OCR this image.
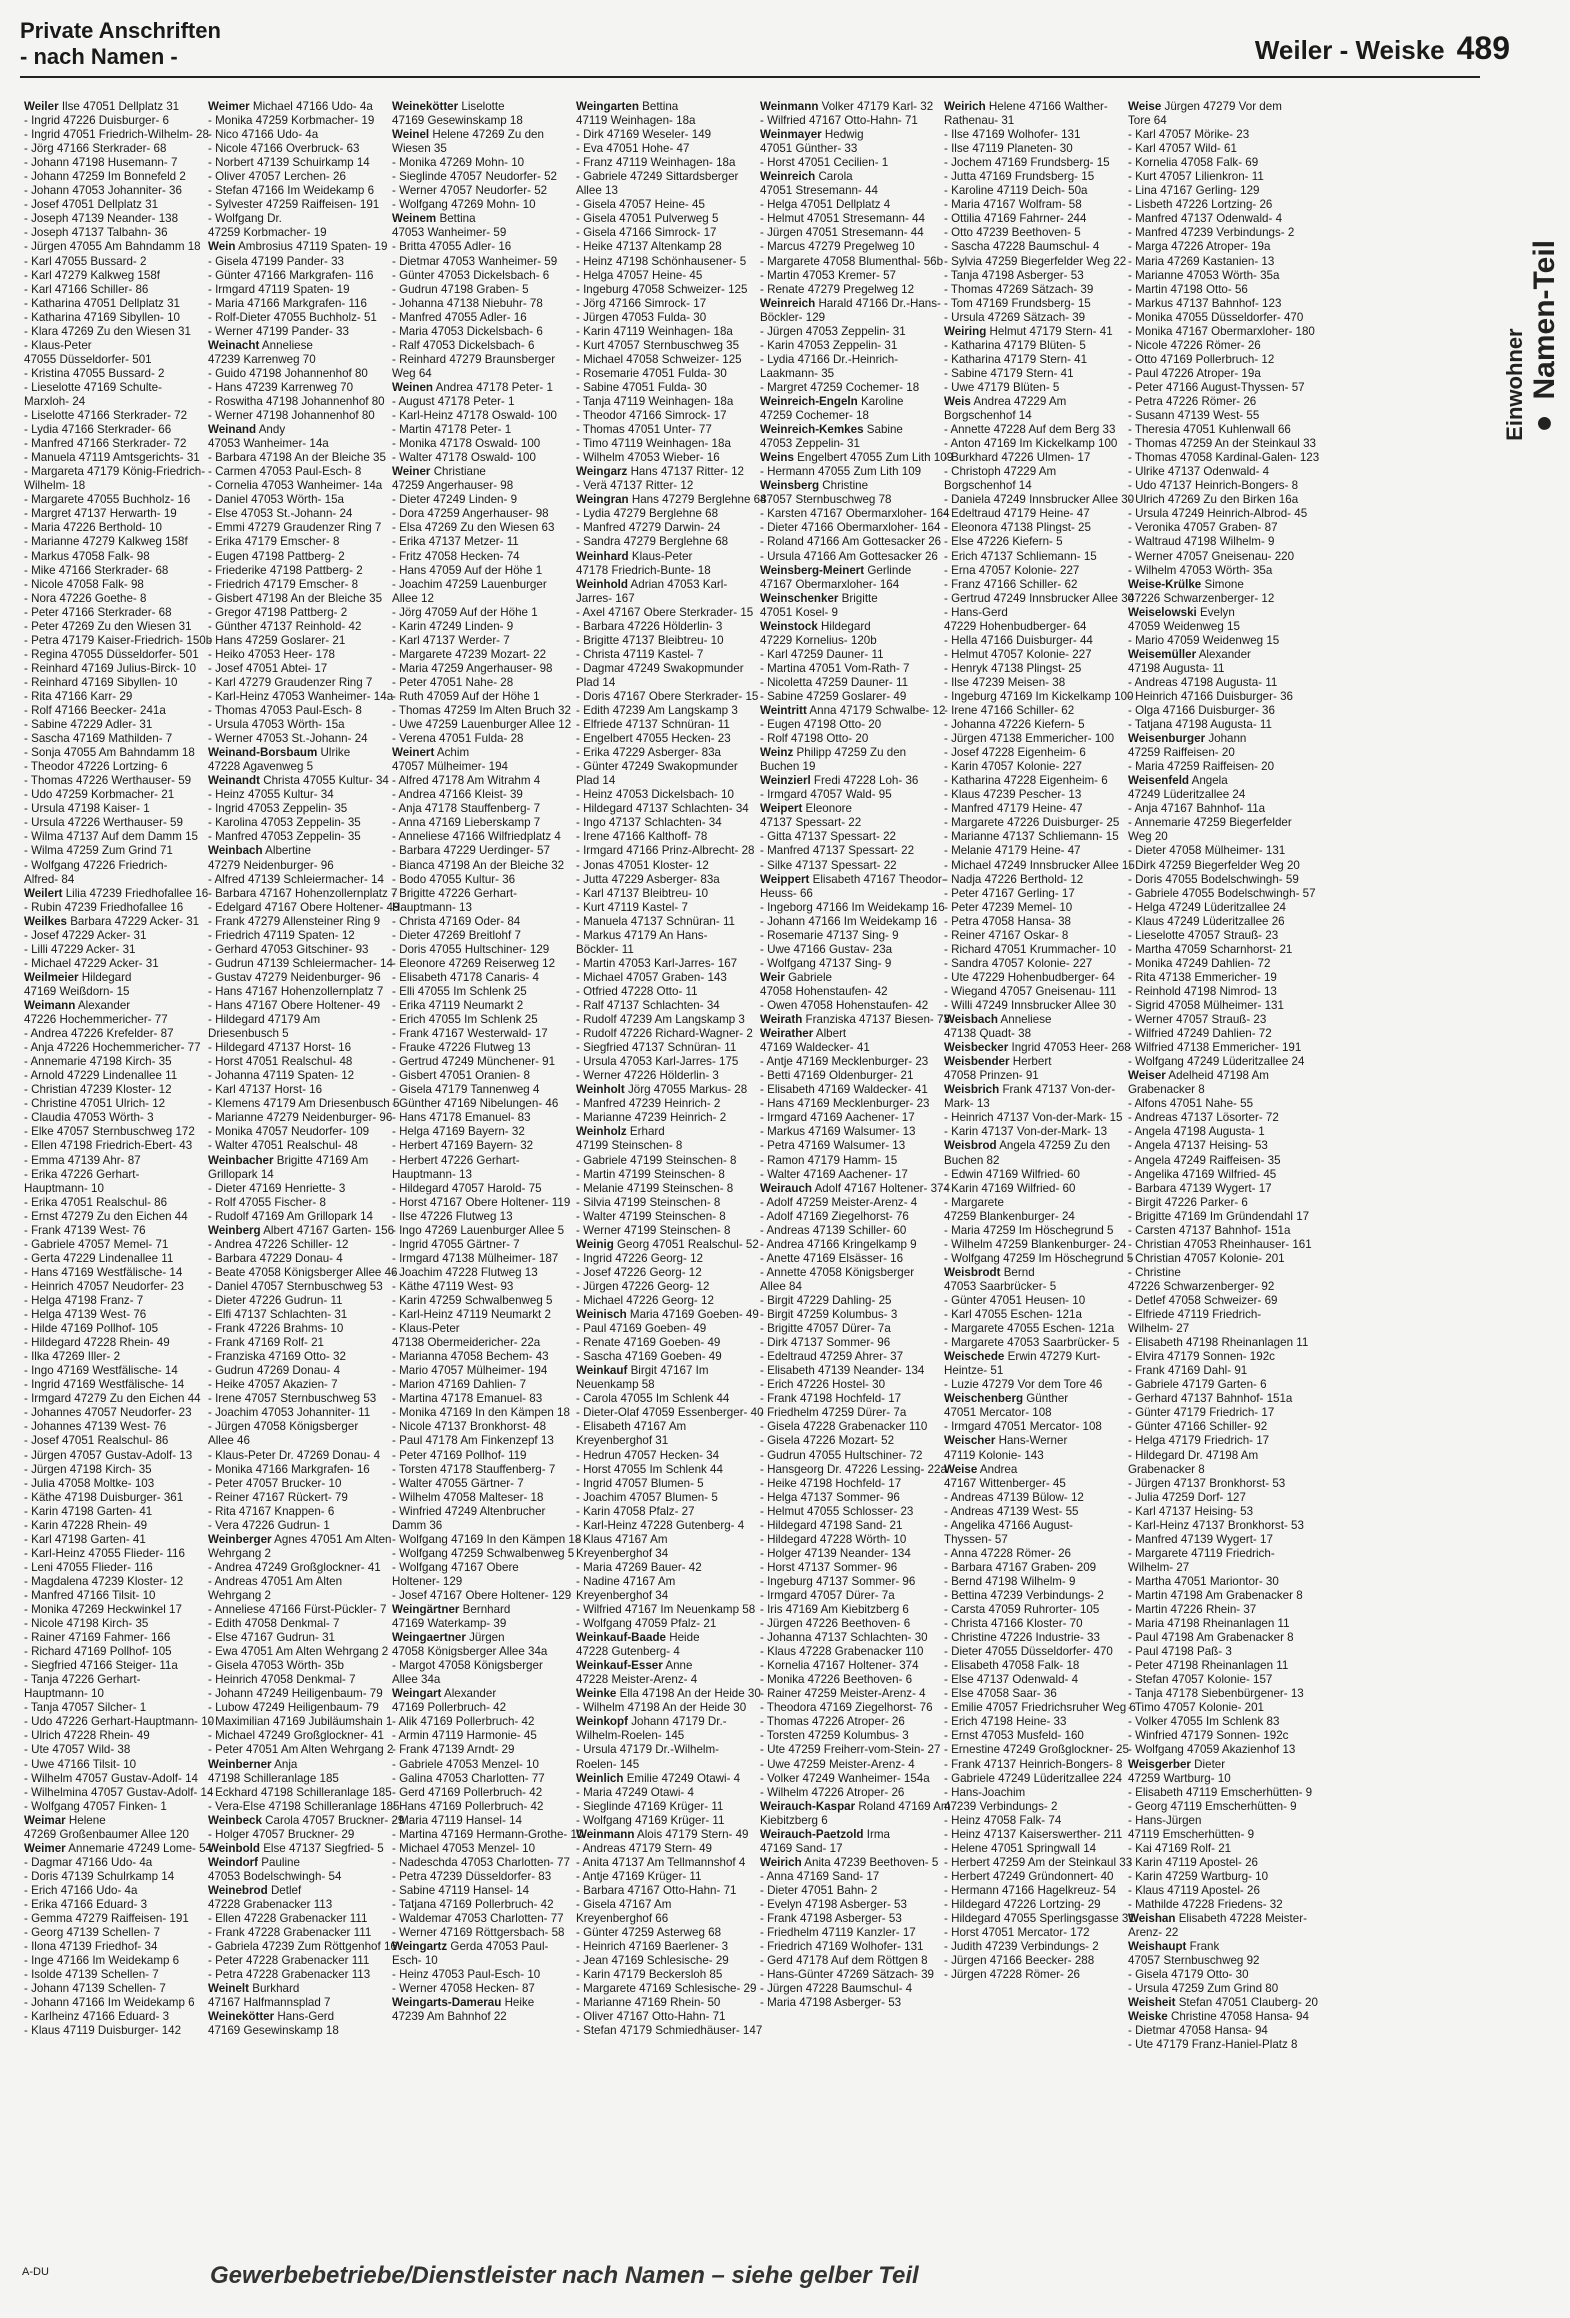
Private Anschriften
- nach Namen -	Weiler - Weiske 489
Einwohner ● Namen-Teil
Weiler Ilse 47051 Dellplatz 31
- Ingrid 47226 Duisburger- 6
- Ingrid 47051 Friedrich-Wilhelm- 28
- Jörg 47166 Sterkrader- 68
- Johann 47198 Husemann- 7
- Johann 47259 Im Bonnefeld 2
- Johann 47053 Johanniter- 36
- Josef 47051 Dellplatz 31
- Joseph 47139 Neander- 138
- Joseph 47137 Talbahn- 36
- Jürgen 47055 Am Bahndamm 18
- Karl 47055 Bussard- 2
- Karl 47279 Kalkweg 158f
- Karl 47166 Schiller- 86
- Katharina 47051 Dellplatz 31
- Katharina 47169 Sibyllen- 10
- Klara 47269 Zu den Wiesen 31
- Klaus-Peter
47055 Düsseldorfer- 501
- Kristina 47055 Bussard- 2
- Lieselotte 47169 Schulte-
Marxloh- 24
- Liselotte 47166 Sterkrader- 72
- Lydia 47166 Sterkrader- 66
- Manfred 47166 Sterkrader- 72
- Manuela 47119 Amtsgerichts- 31
- Margareta 47179 König-Friedrich-
Wilhelm- 18
- Margarete 47055 Buchholz- 16
- Margret 47137 Herwarth- 19
- Maria 47226 Berthold- 10
- Marianne 47279 Kalkweg 158f
- Markus 47058 Falk- 98
- Mike 47166 Sterkrader- 68
- Nicole 47058 Falk- 98
- Nora 47226 Goethe- 8
- Peter 47166 Sterkrader- 68
- Peter 47269 Zu den Wiesen 31
- Petra 47179 Kaiser-Friedrich- 150b
- Regina 47055 Düsseldorfer- 501
- Reinhard 47169 Julius-Birck- 10
- Reinhard 47169 Sibyllen- 10
- Rita 47166 Karr- 29
- Rolf 47166 Beecker- 241a
- Sabine 47229 Adler- 31
- Sascha 47169 Mathilden- 7
- Sonja 47055 Am Bahndamm 18
- Theodor 47226 Lortzing- 6
- Thomas 47226 Werthauser- 59
- Udo 47259 Korbmacher- 21
- Ursula 47198 Kaiser- 1
- Ursula 47226 Werthauser- 59
- Wilma 47137 Auf dem Damm 15
- Wilma 47259 Zum Grind 71
- Wolfgang 47226 Friedrich-
Alfred- 84
Weilert Lilia 47239 Friedhofallee 16
- Rubin 47239 Friedhofallee 16
Weilkes Barbara 47229 Acker- 31
- Josef 47229 Acker- 31
- Lilli 47229 Acker- 31
- Michael 47229 Acker- 31
Weilmeier Hildegard
47169 Weißdorn- 15
Weimann Alexander
47226 Hochemmericher- 77
- Andrea 47226 Krefelder- 87
- Anja 47226 Hochemmericher- 77
- Annemarie 47198 Kirch- 35
- Arnold 47229 Lindenallee 11
- Christian 47239 Kloster- 12
- Christine 47051 Ulrich- 12
- Claudia 47053 Wörth- 3
- Elke 47057 Sternbuschweg 172
- Ellen 47198 Friedrich-Ebert- 43
- Emma 47139 Ahr- 87
- Erika 47226 Gerhart-
Hauptmann- 10
- Erika 47051 Realschul- 86
- Ernst 47279 Zu den Eichen 44
- Frank 47139 West- 76
- Gabriele 47057 Memel- 71
- Gerta 47229 Lindenallee 11
- Hans 47169 Westfälische- 14
- Heinrich 47057 Neudorfer- 23
- Helga 47198 Franz- 7
- Helga 47139 West- 76
- Hilde 47169 Pollhof- 105
- Hildegard 47228 Rhein- 49
- Ilka 47269 Iller- 2
- Ingo 47169 Westfälische- 14
- Ingrid 47169 Westfälische- 14
- Irmgard 47279 Zu den Eichen 44
- Johannes 47057 Neudorfer- 23
- Johannes 47139 West- 76
- Josef 47051 Realschul- 86
- Jürgen 47057 Gustav-Adolf- 13
- Jürgen 47198 Kirch- 35
- Julia 47058 Moltke- 103
- Käthe 47198 Duisburger- 361
- Karin 47198 Garten- 41
- Karin 47228 Rhein- 49
- Karl 47198 Garten- 41
- Karl-Heinz 47055 Flieder- 116
- Leni 47055 Flieder- 116
- Magdalena 47239 Kloster- 12
- Manfred 47166 Tilsit- 10
- Monika 47269 Heckwinkel 17
- Nicole 47198 Kirch- 35
- Rainer 47169 Fahmer- 166
- Richard 47169 Pollhof- 105
- Siegfried 47166 Steiger- 11a
- Tanja 47226 Gerhart-
Hauptmann- 10
- Tanja 47057 Silcher- 1
- Udo 47226 Gerhart-Hauptmann- 10
- Ulrich 47228 Rhein- 49
- Ute 47057 Wild- 38
- Uwe 47166 Tilsit- 10
- Wilhelm 47057 Gustav-Adolf- 14
- Wilhelmina 47057 Gustav-Adolf- 14
- Wolfgang 47057 Finken- 1
Weimar Helene
47269 Großenbaumer Allee 120
Weimer Annemarie 47249 Lome- 54
- Dagmar 47166 Udo- 4a
- Doris 47139 Schulrkamp 14
- Erich 47166 Udo- 4a
- Erika 47166 Eduard- 3
- Gemma 47279 Raiffeisen- 191
- Georg 47139 Schellen- 7
- Ilona 47139 Friedhof- 34
- Inge 47166 Im Weidekamp 6
- Isolde 47139 Schellen- 7
- Johann 47139 Schellen- 7
- Johann 47166 Im Weidekamp 6
- Karlheinz 47166 Eduard- 3
- Klaus 47119 Duisburger- 142
Weimer Michael 47166 Udo- 4a
- Monika 47259 Korbmacher- 19
- Nico 47166 Udo- 4a
- Nicole 47166 Overbruck- 63
- Norbert 47139 Schuirkamp 14
- Oliver 47057 Lerchen- 26
- Stefan 47166 Im Weidekamp 6
- Sylvester 47259 Raiffeisen- 191
- Wolfgang Dr.
47259 Korbmacher- 19
Wein Ambrosius 47119 Spaten- 19
- Gisela 47199 Pander- 33
- Günter 47166 Markgrafen- 116
- Irmgard 47119 Spaten- 19
- Maria 47166 Markgrafen- 116
- Rolf-Dieter 47055 Buchholz- 51
- Werner 47199 Pander- 33
Weinacht Anneliese
47239 Karrenweg 70
- Guido 47198 Johannenhof 80
- Hans 47239 Karrenweg 70
- Roswitha 47198 Johannenhof 80
- Werner 47198 Johannenhof 80
Weinand Andy
47053 Wanheimer- 14a
- Barbara 47198 An der Bleiche 35
- Carmen 47053 Paul-Esch- 8
- Cornelia 47053 Wanheimer- 14a
- Daniel 47053 Wörth- 15a
- Else 47053 St.-Johann- 24
- Emmi 47279 Graudenzer Ring 7
- Erika 47179 Emscher- 8
- Eugen 47198 Pattberg- 2
- Friederike 47198 Pattberg- 2
- Friedrich 47179 Emscher- 8
- Gisbert 47198 An der Bleiche 35
- Gregor 47198 Pattberg- 2
- Günther 47137 Reinhold- 42
- Hans 47259 Goslarer- 21
- Heiko 47053 Heer- 178
- Josef 47051 Abtei- 17
- Karl 47279 Graudenzer Ring 7
- Karl-Heinz 47053 Wanheimer- 14a
- Thomas 47053 Paul-Esch- 8
- Ursula 47053 Wörth- 15a
- Werner 47053 St.-Johann- 24
Weinand-Borsbaum Ulrike
47228 Agavenweg 5
Weinandt Christa 47055 Kultur- 34
- Heinz 47055 Kultur- 34
- Ingrid 47053 Zeppelin- 35
- Karolina 47053 Zeppelin- 35
- Manfred 47053 Zeppelin- 35
Weinbach Albertine
47279 Neidenburger- 96
- Alfred 47139 Schleiermacher- 14
- Barbara 47167 Hohenzollernplatz 7
- Edelgard 47167 Obere Holtener- 49
- Frank 47279 Allensteiner Ring 9
- Friedrich 47119 Spaten- 12
- Gerhard 47053 Gitschiner- 93
- Gudrun 47139 Schleiermacher- 14
- Gustav 47279 Neidenburger- 96
- Hans 47167 Hohenzollernplatz 7
- Hans 47167 Obere Holtener- 49
- Hildegard 47179 Am
Driesenbusch 5
- Hildegard 47137 Horst- 16
- Horst 47051 Realschul- 48
- Johanna 47119 Spaten- 12
- Karl 47137 Horst- 16
- Klemens 47179 Am Driesenbusch 5
- Marianne 47279 Neidenburger- 96
- Monika 47057 Neudorfer- 109
- Walter 47051 Realschul- 48
Weinbacher Brigitte 47169 Am
Grillopark 14
- Dieter 47169 Henriette- 3
- Rolf 47055 Fischer- 8
- Rudolf 47169 Am Grillopark 14
Weinberg Albert 47167 Garten- 156
- Andrea 47226 Schiller- 12
- Barbara 47229 Donau- 4
- Beate 47058 Königsberger Allee 46
- Daniel 47057 Sternbuschweg 53
- Dieter 47226 Gudrun- 11
- Elfi 47137 Schlachten- 31
- Frank 47226 Brahms- 10
- Frank 47169 Rolf- 21
- Franziska 47169 Otto- 32
- Gudrun 47269 Donau- 4
- Heike 47057 Akazien- 7
- Irene 47057 Sternbuschweg 53
- Joachim 47053 Johanniter- 11
- Jürgen 47058 Königsberger
Allee 46
- Klaus-Peter Dr. 47269 Donau- 4
- Monika 47166 Markgrafen- 16
- Peter 47057 Brucker- 10
- Reiner 47167 Rückert- 79
- Rita 47167 Knappen- 6
- Vera 47226 Gudrun- 1
Weinberger Agnes 47051 Am Alten
Wehrgang 2
- Andrea 47249 Großglockner- 41
- Andreas 47051 Am Alten
Wehrgang 2
- Anneliese 47166 Fürst-Pückler- 7
- Edith 47058 Denkmal- 7
- Else 47167 Gudrun- 31
- Ewa 47051 Am Alten Wehrgang 2
- Gisela 47053 Wörth- 35b
- Heinrich 47058 Denkmal- 7
- Johann 47249 Heiligenbaum- 79
- Lubow 47249 Heiligenbaum- 79
- Maximilian 47169 Jubiläumshain 1
- Michael 47249 Großglockner- 41
- Peter 47051 Am Alten Wehrgang 2
Weinberner Anja
47198 Schilleranlage 185
- Eckhard 47198 Schilleranlage 185
- Vera-Else 47198 Schilleranlage 185
Weinbeck Carola 47057 Bruckner- 29
- Holger 47057 Bruckner- 29
Weinbold Else 47137 Siegfried- 5
Weindorf Pauline
47053 Bodelschwingh- 54
Weinebrod Detlef
47228 Grabenacker 113
- Ellen 47228 Grabenacker 111
- Frank 47228 Grabenacker 111
- Gabriela 47239 Zum Röttgenhof 16
- Peter 47228 Grabenacker 111
- Petra 47228 Grabenacker 113
Weinelt Burkhard
47167 Halfmannsplad 7
Weinekötter Hans-Gerd
47169 Gesewinskamp 18
Weinekötter Liselotte
47169 Gesewinskamp 18
Weinel Helene 47269 Zu den
Wiesen 35
- Monika 47269 Mohn- 10
- Sieglinde 47057 Neudorfer- 52
- Werner 47057 Neudorfer- 52
- Wolfgang 47269 Mohn- 10
Weinem Bettina
47053 Wanheimer- 59
- Britta 47055 Adler- 16
- Dietmar 47053 Wanheimer- 59
- Günter 47053 Dickelsbach- 6
- Gudrun 47198 Graben- 5
- Johanna 47138 Niebuhr- 78
- Manfred 47055 Adler- 16
- Maria 47053 Dickelsbach- 6
- Ralf 47053 Dickelsbach- 6
- Reinhard 47279 Braunsberger
Weg 64
Weinen Andrea 47178 Peter- 1
- August 47178 Peter- 1
- Karl-Heinz 47178 Oswald- 100
- Martin 47178 Peter- 1
- Monika 47178 Oswald- 100
- Walter 47178 Oswald- 100
Weiner Christiane
47259 Angerhauser- 98
- Dieter 47249 Linden- 9
- Dora 47259 Angerhauser- 98
- Elsa 47269 Zu den Wiesen 63
- Erika 47137 Metzer- 11
- Fritz 47058 Hecken- 74
- Hans 47059 Auf der Höhe 1
- Joachim 47259 Lauenburger
Allee 12
- Jörg 47059 Auf der Höhe 1
- Karin 47249 Linden- 9
- Karl 47137 Werder- 7
- Margarete 47239 Mozart- 22
- Maria 47259 Angerhauser- 98
- Peter 47051 Nahe- 28
- Ruth 47059 Auf der Höhe 1
- Thomas 47259 Im Alten Bruch 32
- Uwe 47259 Lauenburger Allee 12
- Verena 47051 Fulda- 28
Weinert Achim
47057 Mülheimer- 194
- Alfred 47178 Am Witrahm 4
- Andrea 47166 Kleist- 39
- Anja 47178 Stauffenberg- 7
- Anna 47169 Lieberskamp 7
- Anneliese 47166 Wilfriedplatz 4
- Barbara 47229 Uerdinger- 57
- Bianca 47198 An der Bleiche 32
- Bodo 47055 Kultur- 36
- Brigitte 47226 Gerhart-
Hauptmann- 13
- Christa 47169 Oder- 84
- Dieter 47269 Breitlohf 7
- Doris 47055 Hultschiner- 129
- Eleonore 47269 Reiserweg 12
- Elisabeth 47178 Canaris- 4
- Elli 47055 Im Schlenk 25
- Erika 47119 Neumarkt 2
- Erich 47055 Im Schlenk 25
- Frank 47167 Westerwald- 17
- Frauke 47226 Flutweg 13
- Gertrud 47249 Münchener- 91
- Gisbert 47051 Oranien- 8
- Gisela 47179 Tannenweg 4
- Günther 47169 Nibelungen- 46
- Hans 47178 Emanuel- 83
- Helga 47169 Bayern- 32
- Herbert 47169 Bayern- 32
- Herbert 47226 Gerhart-
Hauptmann- 13
- Hildegard 47057 Harold- 75
- Horst 47167 Obere Holtener- 119
- Ilse 47226 Flutweg 13
- Ingo 47269 Lauenburger Allee 5
- Ingrid 47055 Gärtner- 7
- Irmgard 47138 Mülheimer- 187
- Joachim 47228 Flutweg 13
- Käthe 47119 West- 93
- Karin 47259 Schwalbenweg 5
- Karl-Heinz 47119 Neumarkt 2
- Klaus-Peter
47138 Obermeidericher- 22a
- Marianna 47058 Bechem- 43
- Mario 47057 Mülheimer- 194
- Marion 47169 Dahlien- 7
- Martina 47178 Emanuel- 83
- Monika 47169 In den Kämpen 18
- Nicole 47137 Bronkhorst- 48
- Paul 47178 Am Finkenzepf 13
- Peter 47169 Pollhof- 119
- Torsten 47178 Stauffenberg- 7
- Walter 47055 Gärtner- 7
- Wilhelm 47058 Malteser- 18
- Winfried 47249 Altenbrucher
Damm 36
- Wolfgang 47169 In den Kämpen 18
- Wolfgang 47259 Schwalbenweg 5
- Wolfgang 47167 Obere
Holtener- 129
- Josef 47167 Obere Holtener- 129
Weingärtner Bernhard
47169 Waterkamp- 39
Weingaertner Jürgen
47058 Königsberger Allee 34a
- Margot 47058 Königsberger
Allee 34a
Weingart Alexander
47169 Pollerbruch- 42
- Alik 47169 Pollerbruch- 42
- Armin 47119 Harmonie- 45
- Frank 47139 Arndt- 29
- Gabriele 47053 Menzel- 10
- Galina 47053 Charlotten- 77
- Gerd 47169 Pollerbruch- 42
- Hans 47169 Pollerbruch- 42
- Maria 47119 Hansel- 14
- Martina 47169 Hermann-Grothe- 10
- Michael 47053 Menzel- 10
- Nadeschda 47053 Charlotten- 77
- Petra 47239 Düsseldorfer- 83
- Sabine 47119 Hansel- 14
- Tatjana 47169 Pollerbruch- 42
- Waldemar 47053 Charlotten- 77
- Werner 47169 Röttgersbach- 58
Weingartz Gerda 47053 Paul-
Esch- 10
- Heinz 47053 Paul-Esch- 10
- Werner 47058 Hecken- 87
Weingarts-Damerau Heike
47239 Am Bahnhof 22
Weingarten Bettina
47119 Weinhagen- 18a
- Dirk 47169 Weseler- 149
- Eva 47051 Hohe- 47
- Franz 47119 Weinhagen- 18a
- Gabriele 47249 Sittardsberger
Allee 13
- Gisela 47057 Heine- 45
- Gisela 47051 Pulverweg 5
- Gisela 47166 Simrock- 17
- Heike 47137 Altenkamp 28
- Heinz 47198 Schönhausener- 5
- Helga 47057 Heine- 45
- Ingeburg 47058 Schweizer- 125
- Jörg 47166 Simrock- 17
- Jürgen 47053 Fulda- 30
- Karin 47119 Weinhagen- 18a
- Kurt 47057 Sternbuschweg 35
- Michael 47058 Schweizer- 125
- Rosemarie 47051 Fulda- 30
- Sabine 47051 Fulda- 30
- Tanja 47119 Weinhagen- 18a
- Theodor 47166 Simrock- 17
- Thomas 47051 Unter- 77
- Timo 47119 Weinhagen- 18a
- Wilhelm 47053 Wieber- 16
Weingarz Hans 47137 Ritter- 12
- Verä 47137 Ritter- 12
Weingran Hans 47279 Berglehne 68
- Lydia 47279 Berglehne 68
- Manfred 47279 Darwin- 24
- Sandra 47279 Berglehne 68
Weinhard Klaus-Peter
47178 Friedrich-Bunte- 18
Weinhold Adrian 47053 Karl-
Jarres- 167
- Axel 47167 Obere Sterkrader- 15
- Barbara 47226 Hölderlin- 3
- Brigitte 47137 Bleibtreu- 10
- Christa 47119 Kastel- 7
- Dagmar 47249 Swakopmunder
Plad 14
- Doris 47167 Obere Sterkrader- 15
- Edith 47239 Am Langskamp 3
- Elfriede 47137 Schnüran- 11
- Engelbert 47055 Hecken- 23
- Erika 47229 Asberger- 83a
- Günter 47249 Swakopmunder
Plad 14
- Heinz 47053 Dickelsbach- 10
- Hildegard 47137 Schlachten- 34
- Ingo 47137 Schlachten- 34
- Irene 47166 Kalthoff- 78
- Irmgard 47166 Prinz-Albrecht- 28
- Jonas 47051 Kloster- 12
- Jutta 47229 Asberger- 83a
- Karl 47137 Bleibtreu- 10
- Kurt 47119 Kastel- 7
- Manuela 47137 Schnüran- 11
- Markus 47179 An Hans-
Böckler- 11
- Martin 47053 Karl-Jarres- 167
- Michael 47057 Graben- 143
- Otfried 47228 Otto- 11
- Ralf 47137 Schlachten- 34
- Rudolf 47239 Am Langskamp 3
- Rudolf 47226 Richard-Wagner- 2
- Siegfried 47137 Schnüran- 11
- Ursula 47053 Karl-Jarres- 175
- Werner 47226 Hölderlin- 3
Weinholt Jörg 47055 Markus- 28
- Manfred 47239 Heinrich- 2
- Marianne 47239 Heinrich- 2
Weinholz Erhard
47199 Steinschen- 8
- Gabriele 47199 Steinschen- 8
- Martin 47199 Steinschen- 8
- Melanie 47199 Steinschen- 8
- Silvia 47199 Steinschen- 8
- Walter 47199 Steinschen- 8
- Werner 47199 Steinschen- 8
Weinig Georg 47051 Realschul- 52
- Ingrid 47226 Georg- 12
- Josef 47226 Georg- 12
- Jürgen 47226 Georg- 12
- Michael 47226 Georg- 12
Weinisch Maria 47169 Goeben- 49
- Paul 47169 Goeben- 49
- Renate 47169 Goeben- 49
- Sascha 47169 Goeben- 49
Weinkauf Birgit 47167 Im
Neuenkamp 58
- Carola 47055 Im Schlenk 44
- Dieter-Olaf 47059 Essenberger- 40
- Elisabeth 47167 Am
Kreyenberghof 31
- Hedrun 47057 Hecken- 34
- Horst 47055 Im Schlenk 44
- Ingrid 47057 Blumen- 5
- Joachim 47057 Blumen- 5
- Karin 47058 Pfalz- 27
- Karl-Heinz 47228 Gutenberg- 4
- Klaus 47167 Am
Kreyenberghof 34
- Maria 47269 Bauer- 42
- Nadine 47167 Am
Kreyenberghof 34
- Wilfried 47167 Im Neuenkamp 58
- Wolfgang 47059 Pfalz- 21
Weinkauf-Baade Heide
47228 Gutenberg- 4
Weinkauf-Esser Anne
47228 Meister-Arenz- 4
Weinke Ella 47198 An der Heide 30
- Wilhelm 47198 An der Heide 30
Weinkopf Johann 47179 Dr.-
Wilhelm-Roelen- 145
- Ursula 47179 Dr.-Wilhelm-
Roelen- 145
Weinlich Emilie 47249 Otawi- 4
- Maria 47249 Otawi- 4
- Sieglinde 47169 Krüger- 11
- Wolfgang 47169 Krüger- 11
Weinmann Alois 47179 Stern- 49
- Andreas 47179 Stern- 49
- Anita 47137 Am Tellmannshof 4
- Antje 47169 Krüger- 11
- Barbara 47167 Otto-Hahn- 71
- Gisela 47167 Am
Kreyenberghof 66
- Günter 47259 Asterweg 68
- Heinrich 47169 Baerlener- 3
- Jean 47169 Schlesische- 29
- Karin 47179 Beckersloh 85
- Margarete 47169 Schlesische- 29
- Marianne 47169 Rhein- 50
- Oliver 47167 Otto-Hahn- 71
- Stefan 47179 Schmiedhäuser- 147
Weinmann Volker 47179 Karl- 32
- Wilfried 47167 Otto-Hahn- 71
Weinmayer Hedwig
47051 Günther- 33
- Horst 47051 Cecilien- 1
Weinreich Carola
47051 Stresemann- 44
- Helga 47051 Dellplatz 4
- Helmut 47051 Stresemann- 44
- Jürgen 47051 Stresemann- 44
- Marcus 47279 Pregelweg 10
- Margarete 47058 Blumenthal- 56b
- Martin 47053 Kremer- 57
- Renate 47279 Pregelweg 12
Weinreich Harald 47166 Dr.-Hans-
Böckler- 129
- Jürgen 47053 Zeppelin- 31
- Karin 47053 Zeppelin- 31
- Lydia 47166 Dr.-Heinrich-
Laakmann- 35
- Margret 47259 Cochemer- 18
Weinreich-Engeln Karoline
47259 Cochemer- 18
Weinreich-Kemkes Sabine
47053 Zeppelin- 31
Weins Engelbert 47055 Zum Lith 109
- Hermann 47055 Zum Lith 109
Weinsberg Christine
47057 Sternbuschweg 78
- Karsten 47167 Obermarxloher- 164
- Dieter 47166 Obermarxloher- 164
- Roland 47166 Am Gottesacker 26
- Ursula 47166 Am Gottesacker 26
Weinsberg-Meinert Gerlinde
47167 Obermarxloher- 164
Weinschenker Brigitte
47051 Kosel- 9
Weinstock Hildegard
47229 Kornelius- 120b
- Karl 47259 Dauner- 11
- Martina 47051 Vom-Rath- 7
- Nicoletta 47259 Dauner- 11
- Sabine 47259 Goslarer- 49
Weintritt Anna 47179 Schwalbe- 12
- Eugen 47198 Otto- 20
- Rolf 47198 Otto- 20
Weinz Philipp 47259 Zu den
Buchen 19
Weinzierl Fredi 47228 Loh- 36
- Irmgard 47057 Wald- 95
Weipert Eleonore
47137 Spessart- 22
- Gitta 47137 Spessart- 22
- Manfred 47137 Spessart- 22
- Silke 47137 Spessart- 22
Weippert Elisabeth 47167 Theodor-
Heuss- 66
- Ingeborg 47166 Im Weidekamp 16
- Johann 47166 Im Weidekamp 16
- Rosemarie 47137 Sing- 9
- Uwe 47166 Gustav- 23a
- Wolfgang 47137 Sing- 9
Weir Gabriele
47058 Hohenstaufen- 42
- Owen 47058 Hohenstaufen- 42
Weirath Franziska 47137 Biesen- 73
Weirather Albert
47169 Waldecker- 41
- Antje 47169 Mecklenburger- 23
- Betti 47169 Oldenburger- 21
- Elisabeth 47169 Waldecker- 41
- Hans 47169 Mecklenburger- 23
- Irmgard 47169 Aachener- 17
- Markus 47169 Walsumer- 13
- Petra 47169 Walsumer- 13
- Ramon 47179 Hamm- 15
- Walter 47169 Aachener- 17
Weirauch Adolf 47167 Holtener- 374
- Adolf 47259 Meister-Arenz- 4
- Adolf 47169 Ziegelhorst- 76
- Andreas 47139 Schiller- 60
- Andrea 47166 Kringelkamp 9
- Anette 47169 Elsässer- 16
- Annette 47058 Königsberger
Allee 84
- Birgit 47229 Dahling- 25
- Birgit 47259 Kolumbus- 3
- Brigitte 47057 Dürer- 7a
- Dirk 47137 Sommer- 96
- Edeltraud 47259 Ahrer- 37
- Elisabeth 47139 Neander- 134
- Erich 47226 Hostel- 30
- Frank 47198 Hochfeld- 17
- Friedhelm 47259 Dürer- 7a
- Gisela 47228 Grabenacker 110
- Gisela 47226 Mozart- 52
- Gudrun 47055 Hultschiner- 72
- Hansgeorg Dr. 47226 Lessing- 22a
- Heike 47198 Hochfeld- 17
- Helga 47137 Sommer- 96
- Helmut 47055 Schlosser- 23
- Hildegard 47198 Sand- 21
- Hildegard 47228 Wörth- 10
- Holger 47139 Neander- 134
- Horst 47137 Sommer- 96
- Ingeburg 47137 Sommer- 96
- Irmgard 47057 Dürer- 7a
- Iris 47169 Am Kiebitzberg 6
- Jürgen 47226 Beethoven- 6
- Johanna 47137 Schlachten- 30
- Klaus 47228 Grabenacker 110
- Kornelia 47167 Holtener- 374
- Monika 47226 Beethoven- 6
- Rainer 47259 Meister-Arenz- 4
- Theodora 47169 Ziegelhorst- 76
- Thomas 47226 Atroper- 26
- Torsten 47259 Kolumbus- 3
- Ute 47259 Freiherr-vom-Stein- 27
- Uwe 47259 Meister-Arenz- 4
- Volker 47249 Wanheimer- 154a
- Wilhelm 47226 Atroper- 26
Weirauch-Kaspar Roland 47169 Am
Kiebitzberg 6
Weirauch-Paetzold Irma
47169 Sand- 17
Weirich Anita 47239 Beethoven- 5
- Anna 47169 Sand- 17
- Dieter 47051 Bahn- 2
- Evelyn 47198 Asberger- 53
- Frank 47198 Asberger- 53
- Friedhelm 47119 Kanzler- 17
- Friedrich 47169 Wolhofer- 131
- Gerd 47178 Auf dem Röttgen 8
- Hans-Günter 47269 Sätzach- 39
- Jürgen 47228 Baumschul- 4
- Maria 47198 Asberger- 53
Weirich Helene 47166 Walther-
Rathenau- 31
- Ilse 47169 Wolhofer- 131
- Ilse 47119 Planeten- 30
- Jochem 47169 Frundsberg- 15
- Jutta 47169 Frundsberg- 15
- Karoline 47119 Deich- 50a
- Maria 47167 Wolfram- 58
- Ottilia 47169 Fahrner- 244
- Otto 47239 Beethoven- 5
- Sascha 47228 Baumschul- 4
- Sylvia 47259 Biegerfelder Weg 22
- Tanja 47198 Asberger- 53
- Thomas 47269 Sätzach- 39
- Tom 47169 Frundsberg- 15
- Ursula 47269 Sätzach- 39
Weiring Helmut 47179 Stern- 41
- Katharina 47179 Blüten- 5
- Katharina 47179 Stern- 41
- Sabine 47179 Stern- 41
- Uwe 47179 Blüten- 5
Weis Andrea 47229 Am
Borgschenhof 14
- Annette 47228 Auf dem Berg 33
- Anton 47169 Im Kickelkamp 100
- Burkhard 47226 Ulmen- 17
- Christoph 47229 Am
Borgschenhof 14
- Daniela 47249 Innsbrucker Allee 30
- Edeltraud 47179 Heine- 47
- Eleonora 47138 Plingst- 25
- Else 47226 Kiefern- 5
- Erich 47137 Schliemann- 15
- Erna 47057 Kolonie- 227
- Franz 47166 Schiller- 62
- Gertrud 47249 Innsbrucker Allee 30
- Hans-Gerd
47229 Hohenbudberger- 64
- Hella 47166 Duisburger- 44
- Helmut 47057 Kolonie- 227
- Henryk 47138 Plingst- 25
- Ilse 47239 Meisen- 38
- Ingeburg 47169 Im Kickelkamp 100
- Irene 47166 Schiller- 62
- Johanna 47226 Kiefern- 5
- Jürgen 47138 Emmericher- 100
- Josef 47228 Eigenheim- 6
- Karin 47057 Kolonie- 227
- Katharina 47228 Eigenheim- 6
- Klaus 47239 Pescher- 13
- Manfred 47179 Heine- 47
- Margarete 47226 Duisburger- 25
- Marianne 47137 Schliemann- 15
- Melanie 47179 Heine- 47
- Michael 47249 Innsbrucker Allee 15
- Nadja 47226 Berthold- 12
- Peter 47167 Gerling- 17
- Peter 47239 Memel- 10
- Petra 47058 Hansa- 38
- Reiner 47167 Oskar- 8
- Richard 47051 Krummacher- 10
- Sandra 47057 Kolonie- 227
- Ute 47229 Hohenbudberger- 64
- Wiegand 47057 Gneisenau- 111
- Willi 47249 Innsbrucker Allee 30
Weisbach Anneliese
47138 Quadt- 38
Weisbecker Ingrid 47053 Heer- 268
Weisbender Herbert
47058 Prinzen- 91
Weisbrich Frank 47137 Von-der-
Mark- 13
- Heinrich 47137 Von-der-Mark- 15
- Karin 47137 Von-der-Mark- 13
Weisbrod Angela 47259 Zu den
Buchen 82
- Edwin 47169 Wilfried- 60
- Karin 47169 Wilfried- 60
- Margarete
47259 Blankenburger- 24
- Maria 47259 Im Höschegrund 5
- Wilhelm 47259 Blankenburger- 24
- Wolfgang 47259 Im Höschegrund 5
Weisbrodt Bernd
47053 Saarbrücker- 5
- Günter 47051 Heusen- 10
- Karl 47055 Eschen- 121a
- Margarete 47055 Eschen- 121a
- Margarete 47053 Saarbrücker- 5
Weischede Erwin 47279 Kurt-
Heintze- 51
- Luzie 47279 Vor dem Tore 46
Weischenberg Günther
47051 Mercator- 108
- Irmgard 47051 Mercator- 108
Weischer Hans-Werner
47119 Kolonie- 143
Weise Andrea
47167 Wittenberger- 45
- Andreas 47139 Bülow- 12
- Andreas 47139 West- 55
- Angelika 47166 August-
Thyssen- 57
- Anna 47228 Römer- 26
- Barbara 47167 Graben- 209
- Bernd 47198 Wilhelm- 9
- Bettina 47239 Verbindungs- 2
- Carsta 47059 Ruhrorter- 105
- Christa 47166 Kloster- 70
- Christine 47226 Industrie- 33
- Dieter 47055 Düsseldorfer- 470
- Elisabeth 47058 Falk- 18
- Else 47137 Odenwald- 4
- Else 47058 Saar- 36
- Emilie 47057 Friedrichsruher Weg 6
- Erich 47198 Heine- 33
- Ernst 47053 Musfeld- 160
- Ernestine 47249 Großglockner- 25
- Frank 47137 Heinrich-Bongers- 8
- Gabriele 47249 Lüderitzallee 224
- Hans-Joachim
47239 Verbindungs- 2
- Heinz 47058 Falk- 74
- Heinz 47137 Kaiserswerther- 211
- Helene 47051 Springwall 14
- Herbert 47259 Am der Steinkaul 33
- Herbert 47249 Gründonnert- 40
- Hermann 47166 Hagelkreuz- 54
- Hildegard 47226 Lortzing- 29
- Hildegard 47055 Sperlingsgasse 31
- Horst 47051 Mercator- 172
- Judith 47239 Verbindungs- 2
- Jürgen 47166 Beecker- 288
- Jürgen 47228 Römer- 26
Weise Jürgen 47279 Vor dem
Tore 64
- Karl 47057 Mörike- 23
- Karl 47057 Wild- 61
- Kornelia 47058 Falk- 69
- Kurt 47057 Lilienkron- 11
- Lina 47167 Gerling- 129
- Lisbeth 47226 Lortzing- 26
- Manfred 47137 Odenwald- 4
- Manfred 47239 Verbindungs- 2
- Marga 47226 Atroper- 19a
- Maria 47269 Kastanien- 13
- Marianne 47053 Wörth- 35a
- Martin 47198 Otto- 56
- Markus 47137 Bahnhof- 123
- Monika 47055 Düsseldorfer- 470
- Monika 47167 Obermarxloher- 180
- Nicole 47226 Römer- 26
- Otto 47169 Pollerbruch- 12
- Paul 47226 Atroper- 19a
- Peter 47166 August-Thyssen- 57
- Petra 47226 Römer- 26
- Susann 47139 West- 55
- Theresia 47051 Kuhlenwall 66
- Thomas 47259 An der Steinkaul 33
- Thomas 47058 Kardinal-Galen- 123
- Ulrike 47137 Odenwald- 4
- Udo 47137 Heinrich-Bongers- 8
- Ulrich 47269 Zu den Birken 16a
- Ursula 47249 Heinrich-Albrod- 45
- Veronika 47057 Graben- 87
- Waltraud 47198 Wilhelm- 9
- Werner 47057 Gneisenau- 220
- Wilhelm 47053 Wörth- 35a
Weise-Krülke Simone
47226 Schwarzenberger- 12
Weiselowski Evelyn
47059 Weidenweg 15
- Mario 47059 Weidenweg 15
Weisemüller Alexander
47198 Augusta- 11
- Andreas 47198 Augusta- 11
- Heinrich 47166 Duisburger- 36
- Olga 47166 Duisburger- 36
- Tatjana 47198 Augusta- 11
Weisenburger Johann
47259 Raiffeisen- 20
- Maria 47259 Raiffeisen- 20
Weisenfeld Angela
47249 Lüderitzallee 24
- Anja 47167 Bahnhof- 11a
- Annemarie 47259 Biegerfelder
Weg 20
- Dieter 47058 Mülheimer- 131
- Dirk 47259 Biegerfelder Weg 20
- Doris 47055 Bodelschwingh- 59
- Gabriele 47055 Bodelschwingh- 57
- Helga 47249 Lüderitzallee 24
- Klaus 47249 Lüderitzallee 26
- Lieselotte 47057 Strauß- 23
- Martha 47059 Scharnhorst- 21
- Monika 47249 Dahlien- 72
- Rita 47138 Emmericher- 19
- Reinhold 47198 Nimrod- 13
- Sigrid 47058 Mülheimer- 131
- Werner 47057 Strauß- 23
- Wilfried 47249 Dahlien- 72
- Wilfried 47138 Emmericher- 191
- Wolfgang 47249 Lüderitzallee 24
Weiser Adelheid 47198 Am
Grabenacker 8
- Alfons 47051 Nahe- 55
- Andreas 47137 Lösorter- 72
- Angela 47198 Augusta- 1
- Angela 47137 Heising- 53
- Angela 47249 Raiffeisen- 35
- Angelika 47169 Wilfried- 45
- Barbara 47139 Wygert- 17
- Birgit 47226 Parker- 6
- Brigitte 47169 Im Gründendahl 17
- Carsten 47137 Bahnhof- 151a
- Christian 47053 Rheinhauser- 161
- Christian 47057 Kolonie- 201
- Christine
47226 Schwarzenberger- 92
- Detlef 47058 Schweizer- 69
- Elfriede 47119 Friedrich-
Wilhelm- 27
- Elisabeth 47198 Rheinanlagen 11
- Elvira 47179 Sonnen- 192c
- Frank 47169 Dahl- 91
- Gabriele 47179 Garten- 6
- Gerhard 47137 Bahnhof- 151a
- Günter 47179 Friedrich- 17
- Günter 47166 Schiller- 92
- Helga 47179 Friedrich- 17
- Hildegard Dr. 47198 Am
Grabenacker 8
- Jürgen 47137 Bronkhorst- 53
- Julia 47259 Dorf- 127
- Karl 47137 Heising- 53
- Karl-Heinz 47137 Bronkhorst- 53
- Manfred 47139 Wygert- 17
- Margarete 47119 Friedrich-
Wilhelm- 27
- Martha 47051 Mariontor- 30
- Martin 47198 Am Grabenacker 8
- Martin 47226 Rhein- 37
- Maria 47198 Rheinanlagen 11
- Paul 47198 Am Grabenacker 8
- Paul 47198 Paß- 3
- Peter 47198 Rheinanlagen 11
- Stefan 47057 Kolonie- 157
- Tanja 47178 Siebenbürgener- 13
- Timo 47057 Kolonie- 201
- Volker 47055 Im Schlenk 83
- Winfried 47179 Sonnen- 192c
- Wolfgang 47059 Akazienhof 13
Weisgerber Dieter
47259 Wartburg- 10
- Elisabeth 47119 Emscherhütten- 9
- Georg 47119 Emscherhütten- 9
- Hans-Jürgen
47119 Emscherhütten- 9
- Kai 47169 Rolf- 21
- Karin 47119 Apostel- 26
- Karin 47259 Wartburg- 10
- Klaus 47119 Apostel- 26
- Mathilde 47228 Friedens- 32
Weishan Elisabeth 47228 Meister-
Arenz- 22
Weishaupt Frank
47057 Sternbuschweg 92
- Gisela 47179 Otto- 30
- Ursula 47259 Zum Grind 80
Weisheit Stefan 47051 Clauberg- 20
Weiske Christine 47058 Hansa- 94
- Dietmar 47058 Hansa- 94
- Ute 47179 Franz-Haniel-Platz 8
A-DU	Gewerbebetriebe/Dienstleister nach Namen – siehe gelber Teil
